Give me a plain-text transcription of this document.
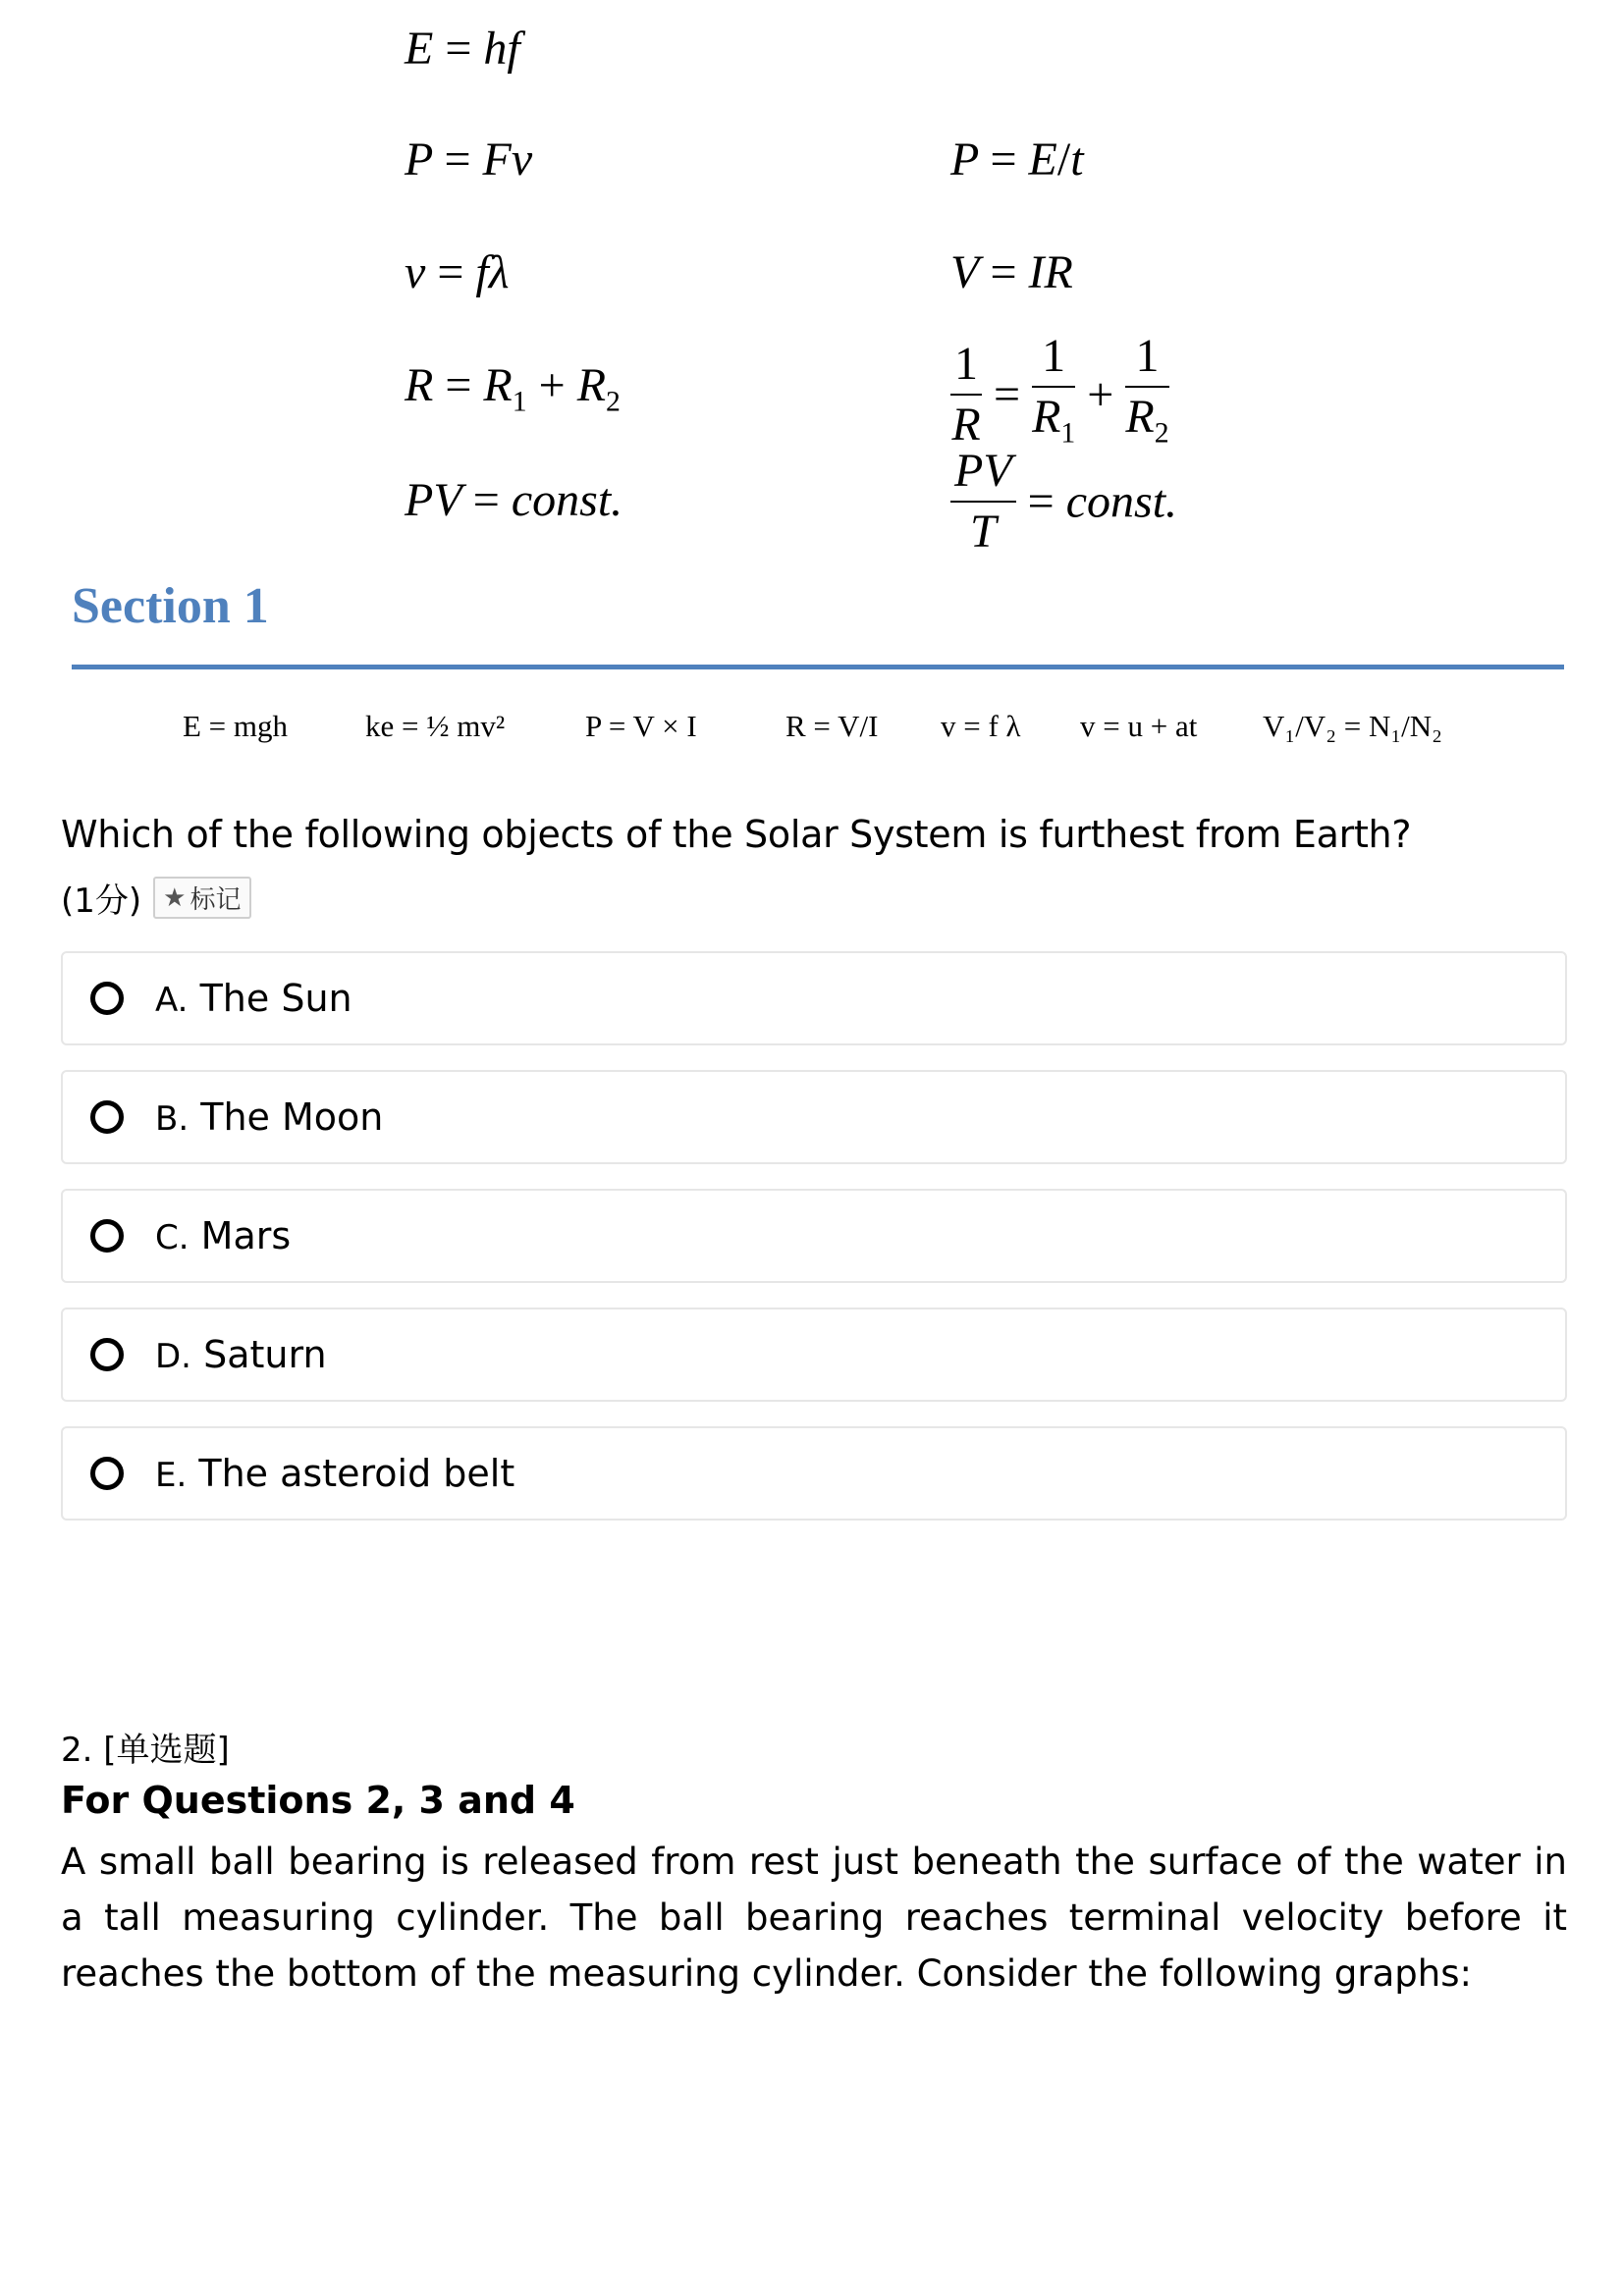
E = hf
P = Fv	P = E/t
v = fλ	V = IR
$R = R_1 + R_2$	$\frac{1}{R} = \frac{1}{R_1} + \frac{1}{R_2}$
PV = const.	$\frac{PV}{T}$ = const.
Section 1
E = mgh	ke = ½ mv²	P = V × I	R = V/I v = f λ v = u + at V₁/V₂ = N₁/N₂
Which of the following objects of the Solar System is furthest from Earth?
(1分) ★ 标记
A. The Sun
B. The Moon
C. Mars
D. Saturn
E. The asteroid belt
2. [单选题]
For Questions 2, 3 and 4
A small ball bearing is released from rest just beneath the surface of the water in a tall measuring cylinder. The ball bearing reaches terminal velocity before it reaches the bottom of the measuring cylinder. Consider the following graphs:
